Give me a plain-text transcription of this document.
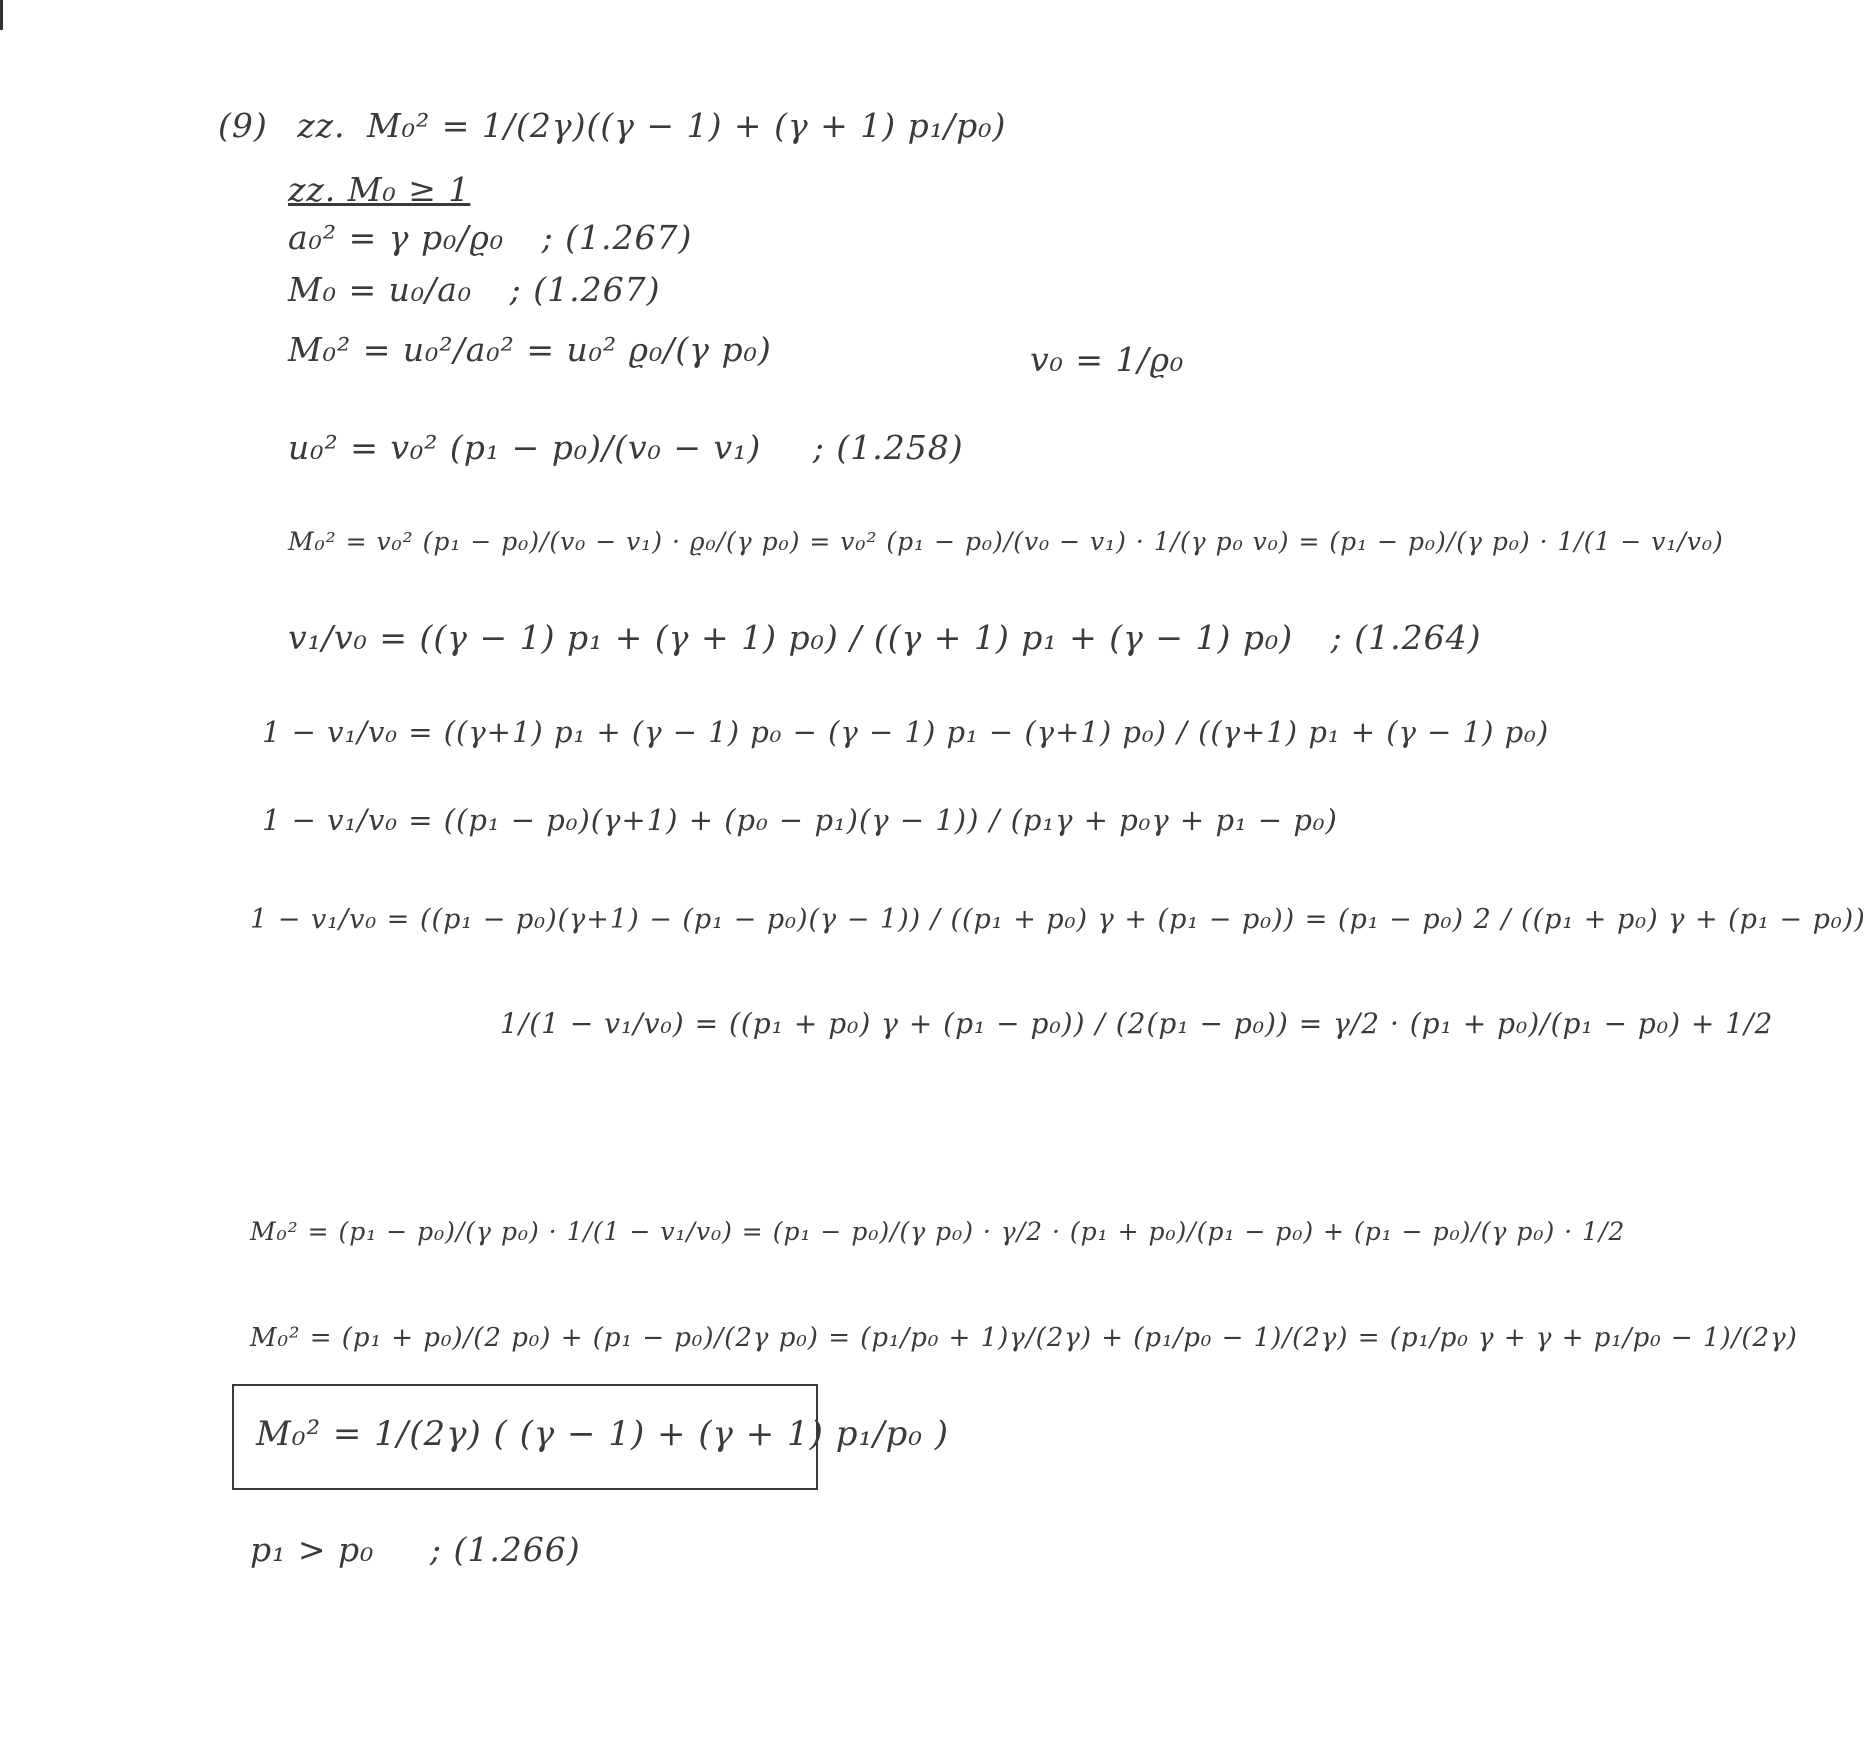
(9) zz. M₀² = 1/(2γ)((γ − 1) + (γ + 1) p₁/p₀)
zz. M₀ ≥ 1
a₀² = γ p₀/ϱ₀ ; (1.267)
M₀ = u₀/a₀ ; (1.267)
M₀² = u₀²/a₀² = u₀² ϱ₀/(γ p₀)	v₀ = 1/ϱ₀
u₀² = v₀² (p₁ − p₀)/(v₀ − v₁) ; (1.258)
M₀² = v₀² (p₁ − p₀)/(v₀ − v₁) · ϱ₀/(γ p₀) = v₀² (p₁ − p₀)/(v₀ − v₁) · 1/(γ p₀ v₀) = (p₁ − p₀)/(γ p₀) · 1/(1 − v₁/v₀)
v₁/v₀ = ((γ − 1) p₁ + (γ + 1) p₀) / ((γ + 1) p₁ + (γ − 1) p₀) ; (1.264)
1 − v₁/v₀ = ((γ+1) p₁ + (γ − 1) p₀ − (γ − 1) p₁ − (γ+1) p₀) / ((γ+1) p₁ + (γ − 1) p₀)
1 − v₁/v₀ = ((p₁ − p₀)(γ+1) + (p₀ − p₁)(γ − 1)) / (p₁γ + p₀γ + p₁ − p₀)
1 − v₁/v₀ = ((p₁ − p₀)(γ+1) − (p₁ − p₀)(γ − 1)) / ((p₁ + p₀) γ + (p₁ − p₀)) = (p₁ − p₀) 2 / ((p₁ + p₀) γ + (p₁ − p₀))
1/(1 − v₁/v₀) = ((p₁ + p₀) γ + (p₁ − p₀)) / (2(p₁ − p₀)) = γ/2 · (p₁ + p₀)/(p₁ − p₀) + 1/2
M₀² = (p₁ − p₀)/(γ p₀) · 1/(1 − v₁/v₀) = (p₁ − p₀)/(γ p₀) · γ/2 · (p₁ + p₀)/(p₁ − p₀) + (p₁ − p₀)/(γ p₀) · 1/2
M₀² = (p₁ + p₀)/(2 p₀) + (p₁ − p₀)/(2γ p₀) = (p₁/p₀ + 1)γ/(2γ) + (p₁/p₀ − 1)/(2γ) = (p₁/p₀ γ + γ + p₁/p₀ − 1)/(2γ)
M₀² = 1/(2γ) ( (γ − 1) + (γ + 1) p₁/p₀ )
p₁ > p₀ ; (1.266)
